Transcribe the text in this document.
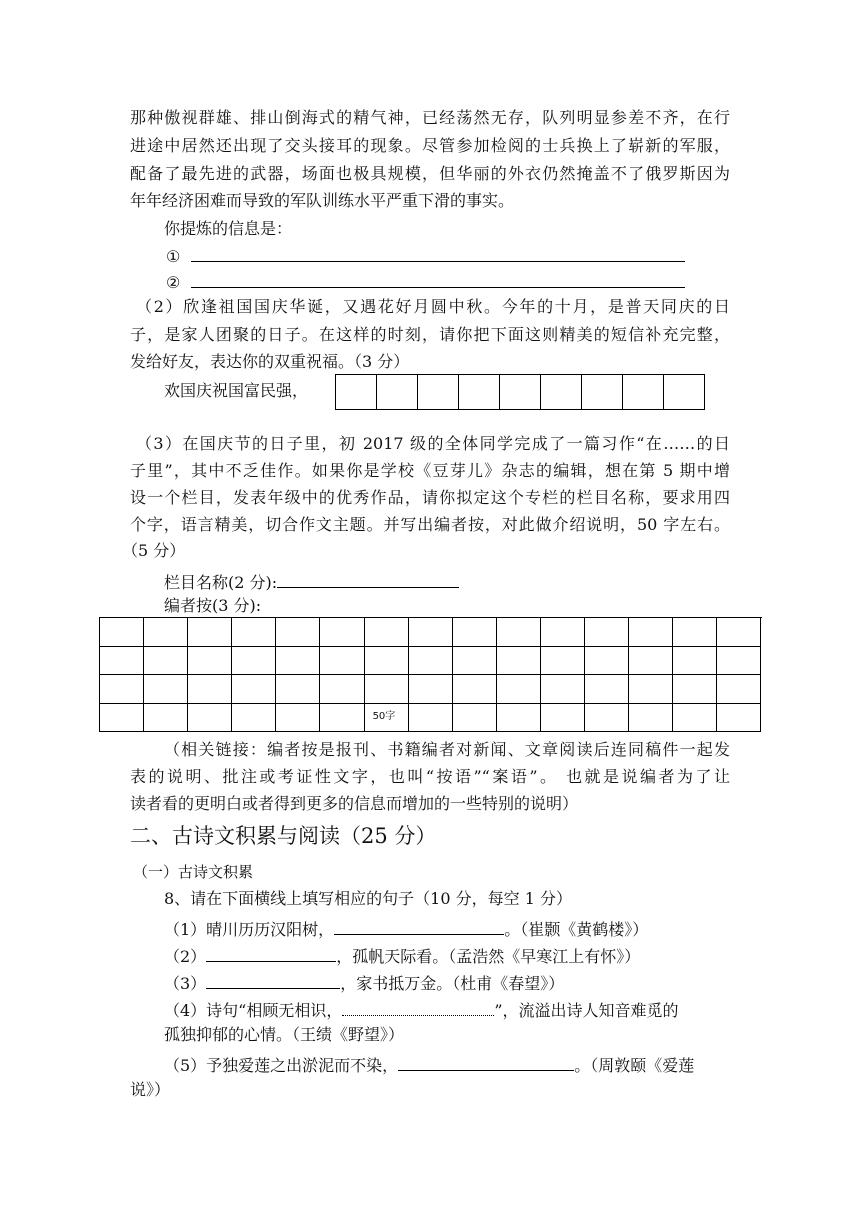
那种傲视群雄、排山倒海式的精气神，已经荡然无存，队列明显参差不齐，在行
进途中居然还出现了交头接耳的现象。尽管参加检阅的士兵换上了崭新的军服，
配备了最先进的武器，场面也极具规模，但华丽的外衣仍然掩盖不了俄罗斯因为
年年经济困难而导致的军队训练水平严重下滑的事实。
你提炼的信息是：
①
②
（2）欣逢祖国国庆华诞，又遇花好月圆中秋。今年的十月，是普天同庆的日
子，是家人团聚的日子。在这样的时刻，请你把下面这则精美的短信补充完整，
发给好友，表达你的双重祝福。（3 分）
欢国庆祝国富民强，
（3）在国庆节的日子里，初 2017 级的全体同学完成了一篇习作“在……的日
子里”，其中不乏佳作。如果你是学校《豆芽儿》杂志的编辑，想在第 5 期中增
设一个栏目，发表年级中的优秀作品，请你拟定这个专栏的栏目名称，要求用四
个字，语言精美，切合作文主题。并写出编者按，对此做介绍说明，50 字左右。
（5 分）
栏目名称(2 分):
编者按(3 分):
50字
（相关链接：编者按是报刊、书籍编者对新闻、文章阅读后连同稿件一起发
表的说明、批注或考证性文字，也叫“按语”“案语”。 也就是说编者为了让
读者看的更明白或者得到更多的信息而增加的一些特别的说明）
二、古诗文积累与阅读（25 分）
（一）古诗文积累
8、请在下面横线上填写相应的句子（10 分，每空 1 分）
（1）晴川历历汉阳树，	。（崔颢《黄鹤楼》）
（2）	，孤帆天际看。（孟浩然《早寒江上有怀》）
（3）	，家书抵万金。（杜甫《春望》）
（4）诗句“相顾无相识，	”，流溢出诗人知音难觅的
孤独抑郁的心情。（王绩《野望》）
（5）予独爱莲之出淤泥而不染，	。（周敦颐《爱莲
说》）
